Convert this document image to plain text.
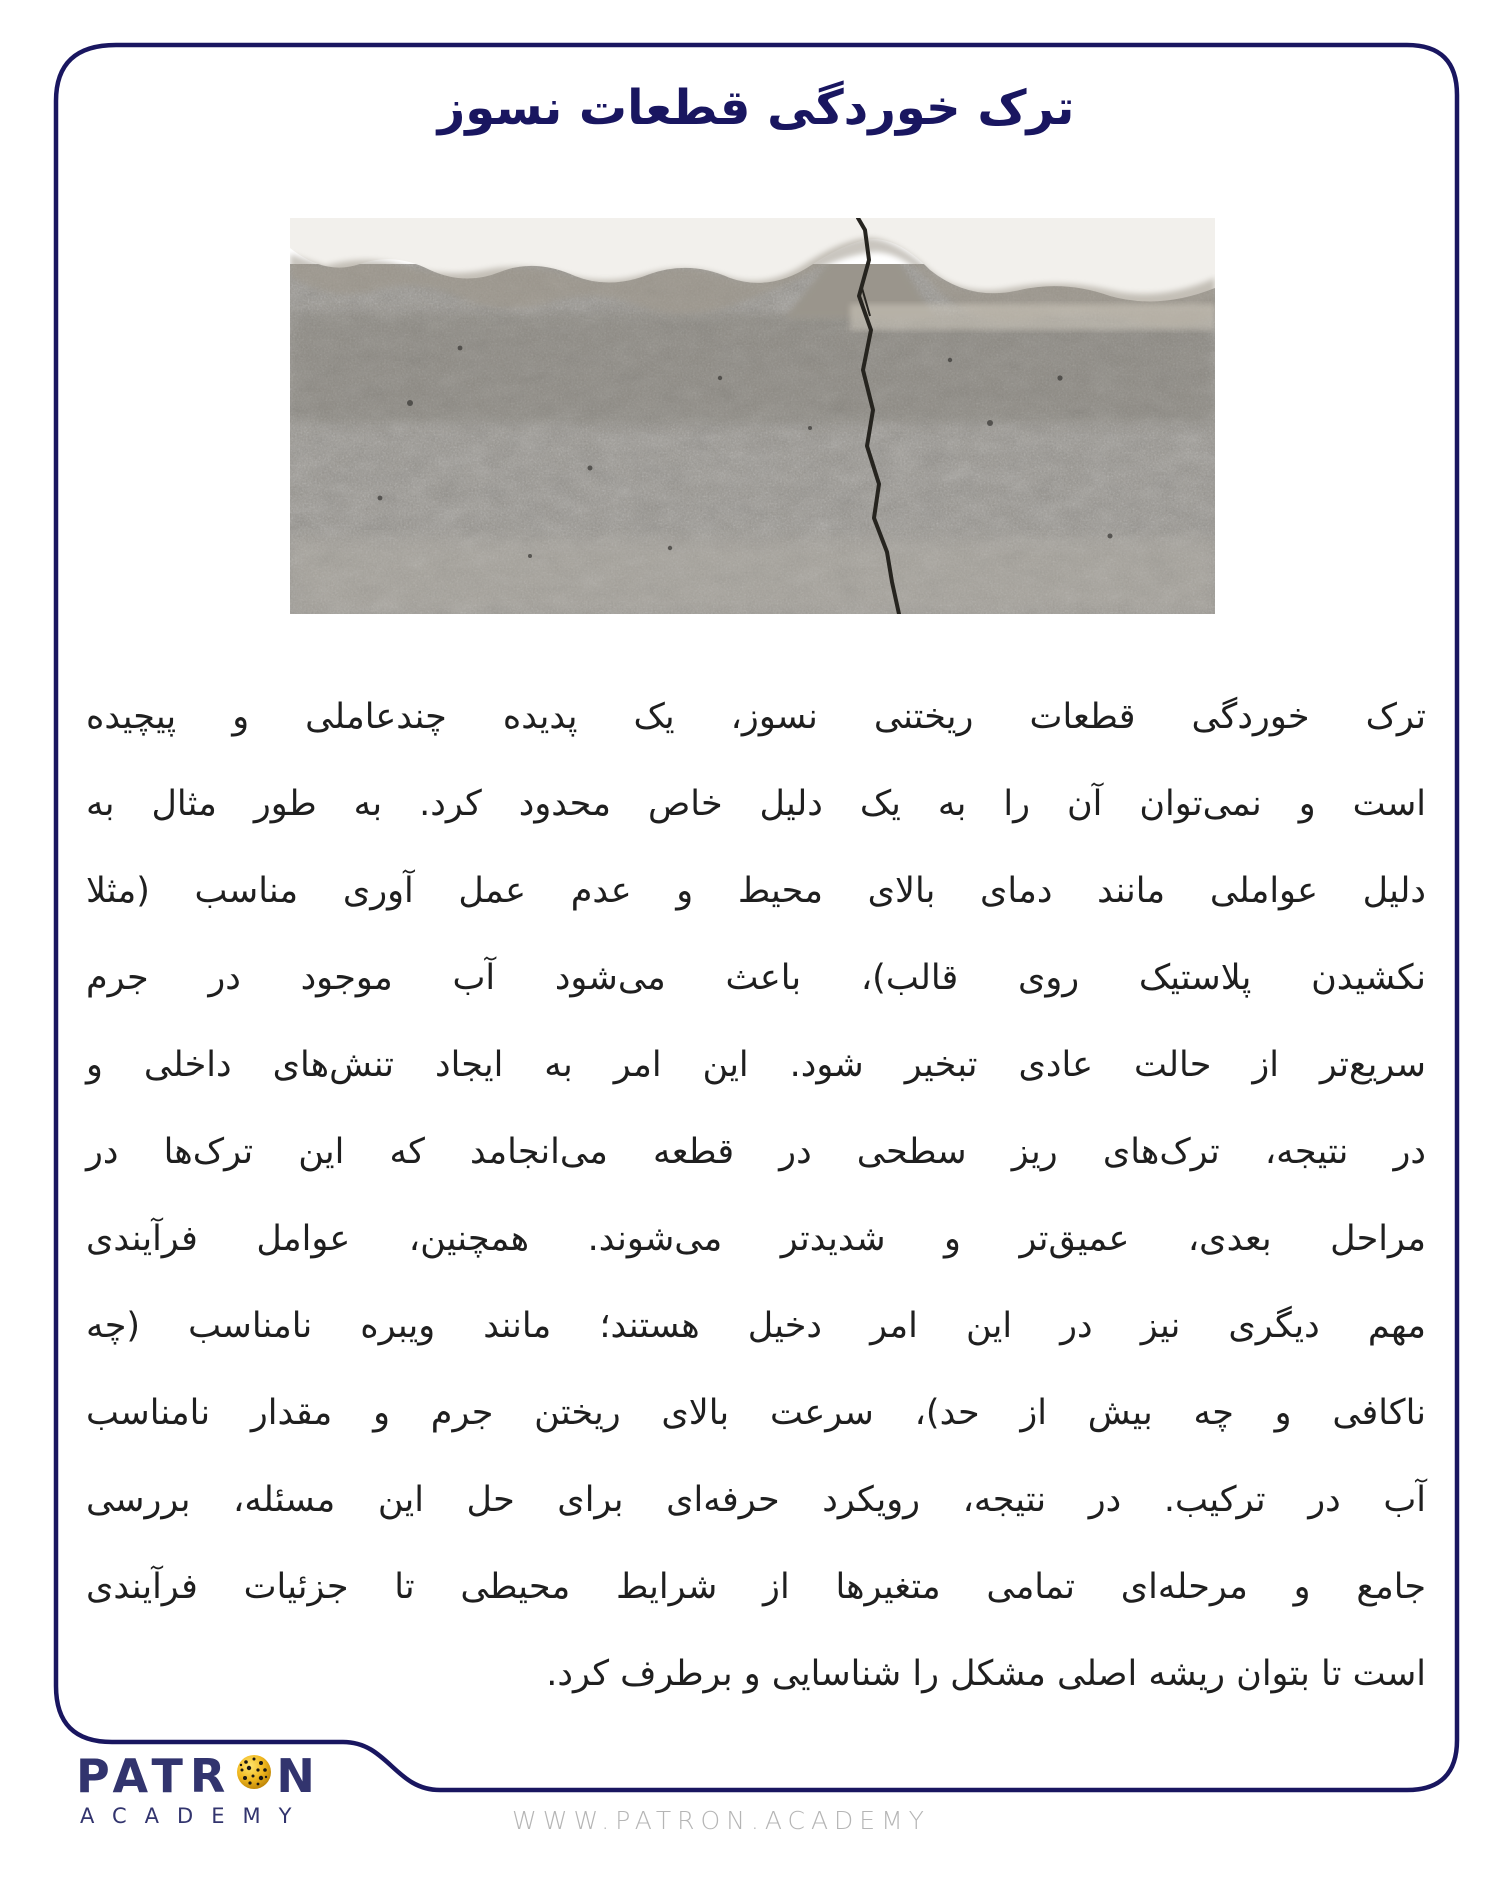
ترک خوردگی قطعات نسوز
ترک خوردگی قطعات ریختنی نسوز، یک پدیده چندعاملی و پیچیده
است و نمی‌توان آن را به یک دلیل خاص محدود کرد. به طور مثال به
دلیل عواملی مانند دمای بالای محیط و عدم عمل آوری مناسب (مثلا
نکشیدن پلاستیک روی قالب)، باعث می‌شود آب موجود در جرم
سریع‌تر از حالت عادی تبخیر شود. این امر به ایجاد تنش‌های داخلی و
در نتیجه، ترک‌های ریز سطحی در قطعه می‌انجامد که این ترک‌ها در
مراحل بعدی، عمیق‌تر و شدیدتر می‌شوند. همچنین، عوامل فرآیندی
مهم دیگری نیز در این امر دخیل هستند؛ مانند ویبره نامناسب (چه
ناکافی و چه بیش از حد)، سرعت بالای ریختن جرم و مقدار نامناسب
آب در ترکیب. در نتیجه، رویکرد حرفه‌ای برای حل این مسئله، بررسی
جامع و مرحله‌ای تمامی متغیرها از شرایط محیطی تا جزئیات فرآیندی
است تا بتوان ریشه اصلی مشکل را شناسایی و برطرف کرد.
PATR N
ACADEMY	WWW.PATRON.ACADEMY
